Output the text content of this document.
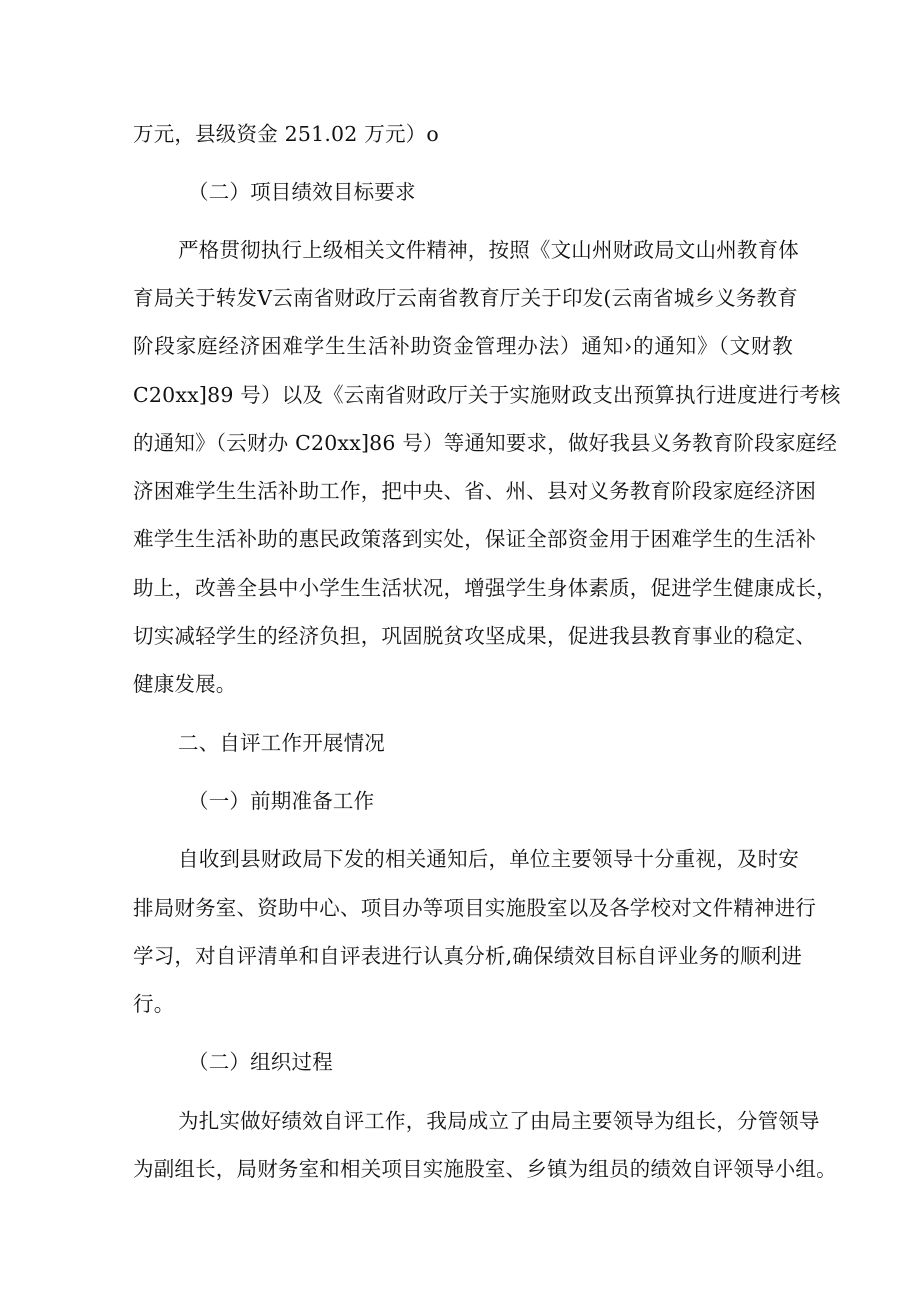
万元，县级资金 251.02 万元）o
（二）项目绩效目标要求
严格贯彻执行上级相关文件精神，按照《文山州财政局文山州教育体
育局关于转发Ⅴ云南省财政厅云南省教育厅关于印发(云南省城乡义务教育
阶段家庭经济困难学生生活补助资金管理办法）通知›的通知》（文财教
C20xx]89 号）以及《云南省财政厅关于实施财政支出预算执行进度进行考核
的通知》（云财办 C20xx]86 号）等通知要求，做好我县义务教育阶段家庭经
济困难学生生活补助工作，把中央、省、州、县对义务教育阶段家庭经济困
难学生生活补助的惠民政策落到实处，保证全部资金用于困难学生的生活补
助上，改善全县中小学生生活状况，增强学生身体素质，促进学生健康成长，
切实减轻学生的经济负担，巩固脱贫攻坚成果，促进我县教育事业的稳定、
健康发展。
二、自评工作开展情况
（一）前期准备工作
自收到县财政局下发的相关通知后，单位主要领导十分重视，及时安
排局财务室、资助中心、项目办等项目实施股室以及各学校对文件精神进行
学习，对自评清单和自评表进行认真分析,确保绩效目标自评业务的顺利进
行。
（二）组织过程
为扎实做好绩效自评工作，我局成立了由局主要领导为组长，分管领导
为副组长，局财务室和相关项目实施股室、乡镇为组员的绩效自评领导小组。
